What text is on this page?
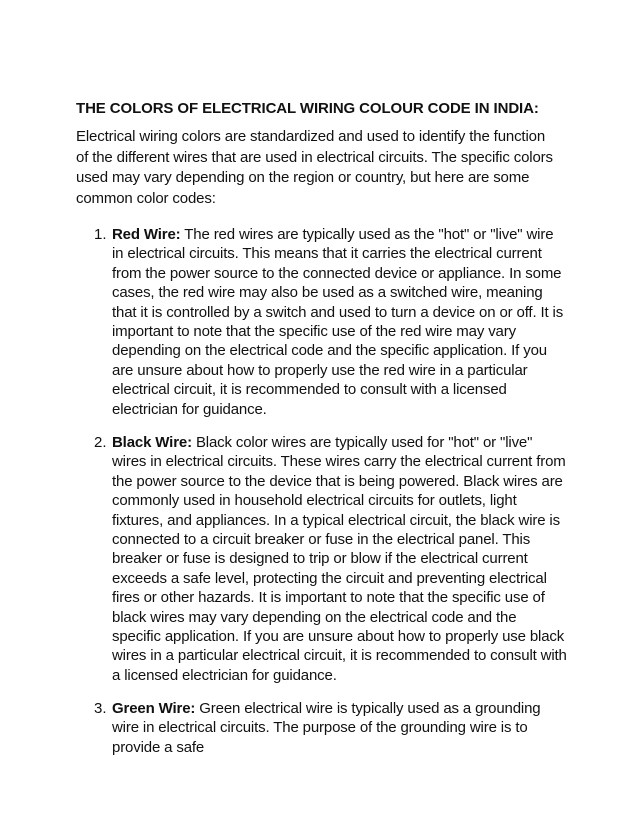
THE COLORS OF ELECTRICAL WIRING COLOUR CODE IN INDIA:

Electrical wiring colors are standardized and used to identify the function of the different wires that are used in electrical circuits. The specific colors used may vary depending on the region or country, but here are some common color codes:

1. Red Wire: The red wires are typically used as the "hot" or "live" wire in electrical circuits. This means that it carries the electrical current from the power source to the connected device or appliance. In some cases, the red wire may also be used as a switched wire, meaning that it is controlled by a switch and used to turn a device on or off. It is important to note that the specific use of the red wire may vary depending on the electrical code and the specific application. If you are unsure about how to properly use the red wire in a particular electrical circuit, it is recommended to consult with a licensed electrician for guidance.
2. Black Wire: Black color wires are typically used for "hot" or "live" wires in electrical circuits. These wires carry the electrical current from the power source to the device that is being powered. Black wires are commonly used in household electrical circuits for outlets, light fixtures, and appliances. In a typical electrical circuit, the black wire is connected to a circuit breaker or fuse in the electrical panel. This breaker or fuse is designed to trip or blow if the electrical current exceeds a safe level, protecting the circuit and preventing electrical fires or other hazards. It is important to note that the specific use of black wires may vary depending on the electrical code and the specific application. If you are unsure about how to properly use black wires in a particular electrical circuit, it is recommended to consult with a licensed electrician for guidance.
3. Green Wire: Green electrical wire is typically used as a grounding wire in electrical circuits. The purpose of the grounding wire is to provide a safe
